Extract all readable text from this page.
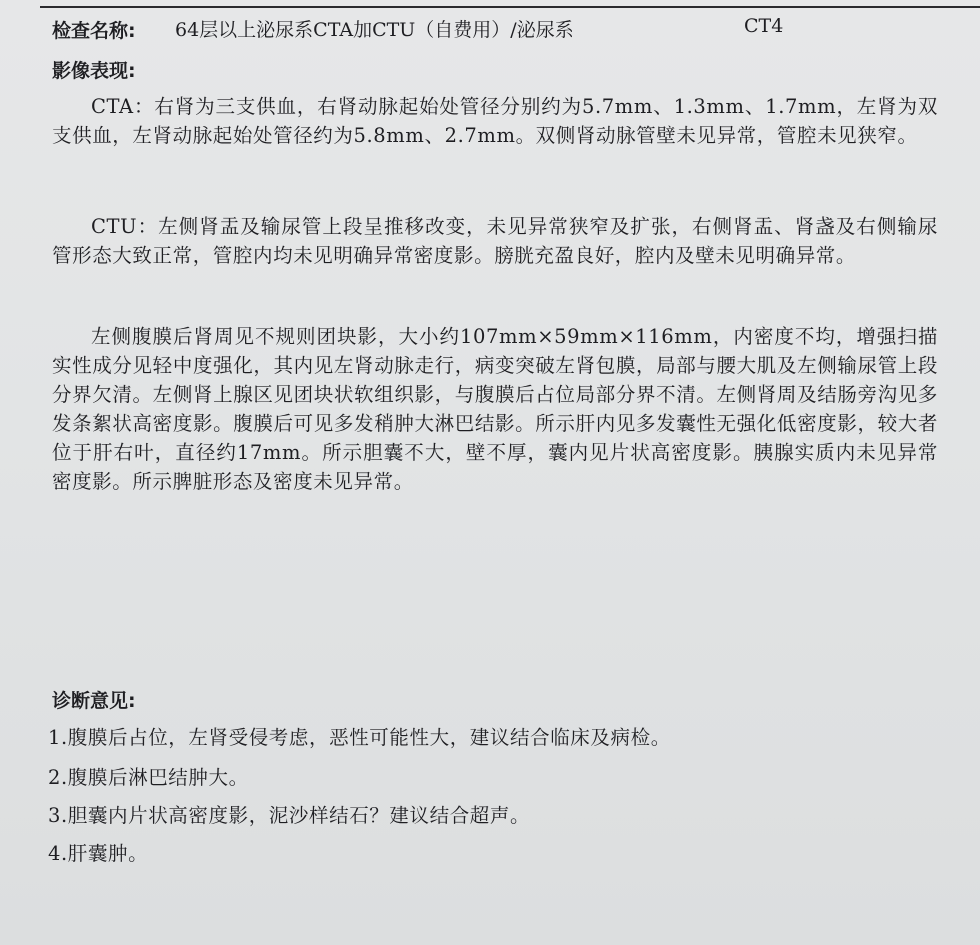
检查名称: 64层以上泌尿系CTA加CTU（自费用）/泌尿系	CT4
影像表现:

CTA：右肾为三支供血，右肾动脉起始处管径分别约为5.7mm、1.3mm、1.7mm，左肾为双支供血，左肾动脉起始处管径约为5.8mm、2.7mm。双侧肾动脉管壁未见异常，管腔未见狭窄。

CTU：左侧肾盂及输尿管上段呈推移改变，未见异常狭窄及扩张，右侧肾盂、肾盏及右侧输尿管形态大致正常，管腔内均未见明确异常密度影。膀胱充盈良好，腔内及壁未见明确异常。

左侧腹膜后肾周见不规则团块影，大小约107mm×59mm×116mm，内密度不均，增强扫描实性成分见轻中度强化，其内见左肾动脉走行，病变突破左肾包膜，局部与腰大肌及左侧输尿管上段分界欠清。左侧肾上腺区见团块状软组织影，与腹膜后占位局部分界不清。左侧肾周及结肠旁沟见多发条絮状高密度影。腹膜后可见多发稍肿大淋巴结影。所示肝内见多发囊性无强化低密度影，较大者位于肝右叶，直径约17mm。所示胆囊不大，壁不厚，囊内见片状高密度影。胰腺实质内未见异常密度影。所示脾脏形态及密度未见异常。

诊断意见:
1.腹膜后占位，左肾受侵考虑，恶性可能性大，建议结合临床及病检。
2.腹膜后淋巴结肿大。
3.胆囊内片状高密度影，泥沙样结石？建议结合超声。
4.肝囊肿。
